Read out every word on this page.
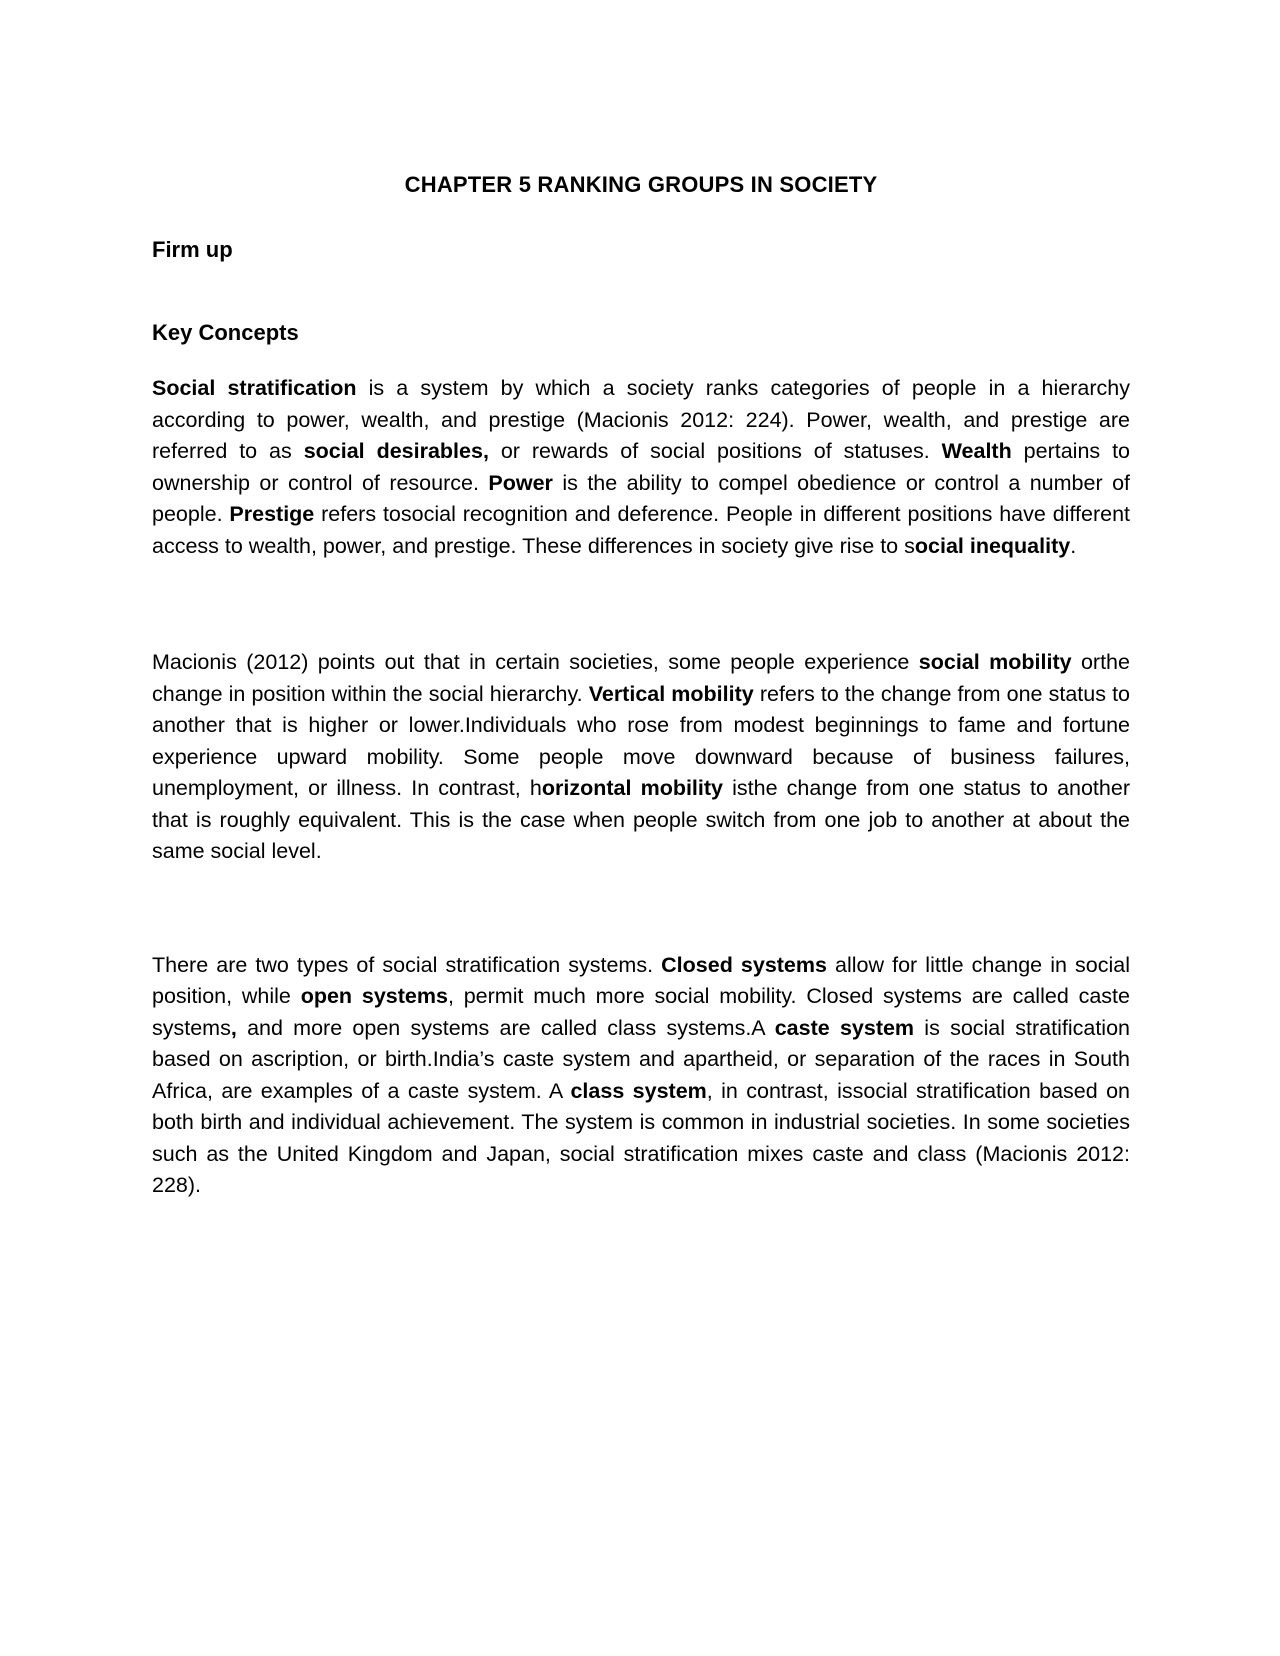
CHAPTER 5 RANKING GROUPS IN SOCIETY
Firm up
Key Concepts

Social stratification is a system by which a society ranks categories of people in a hierarchy according to power, wealth, and prestige (Macionis 2012: 224). Power, wealth, and prestige are referred to as social desirables, or rewards of social positions of statuses. Wealth pertains to ownership or control of resource. Power is the ability to compel obedience or control a number of people. Prestige refers tosocial recognition and deference. People in different positions have different access to wealth, power, and prestige. These differences in society give rise to social inequality.

Macionis (2012) points out that in certain societies, some people experience social mobility orthe change in position within the social hierarchy. Vertical mobility refers to the change from one status to another that is higher or lower.Individuals who rose from modest beginnings to fame and fortune experience upward mobility. Some people move downward because of business failures, unemployment, or illness. In contrast, horizontal mobility isthe change from one status to another that is roughly equivalent. This is the case when people switch from one job to another at about the same social level.

There are two types of social stratification systems. Closed systems allow for little change in social position, while open systems, permit much more social mobility. Closed systems are called caste systems, and more open systems are called class systems.A caste system is social stratification based on ascription, or birth.India’s caste system and apartheid, or separation of the races in South Africa, are examples of a caste system. A class system, in contrast, issocial stratification based on both birth and individual achievement. The system is common in industrial societies. In some societies such as the United Kingdom and Japan, social stratification mixes caste and class (Macionis 2012: 228).
